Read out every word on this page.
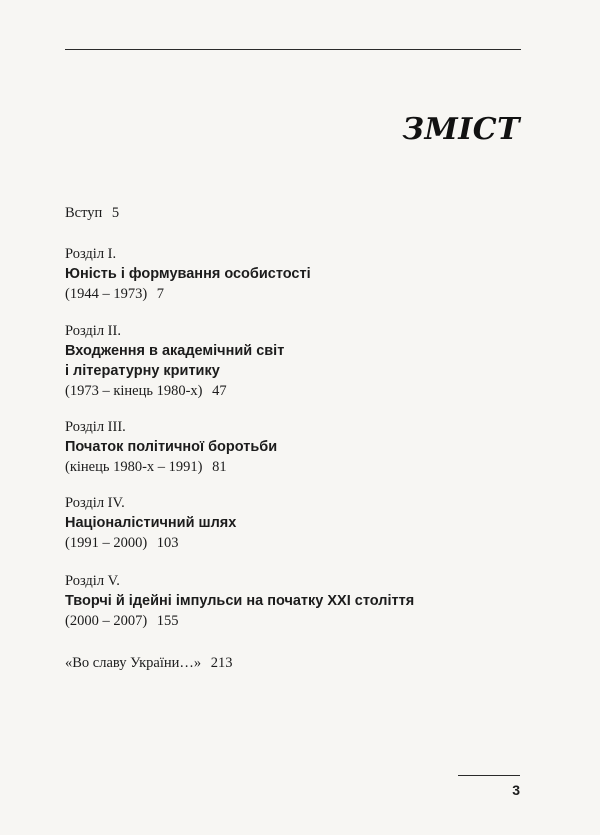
ЗМІСТ
Вступ 5
Розділ І.
Юність і формування особистості
(1944 – 1973) 7
Розділ ІІ.
Входження в академічний світ
і літературну критику
(1973 – кінець 1980-х) 47
Розділ ІІІ.
Початок політичної боротьби
(кінець 1980-х – 1991) 81
Розділ IV.
Націоналістичний шлях
(1991 – 2000) 103
Розділ V.
Творчі й ідейні імпульси на початку ХХІ століття
(2000 – 2007) 155
«Во славу України…» 213
3
